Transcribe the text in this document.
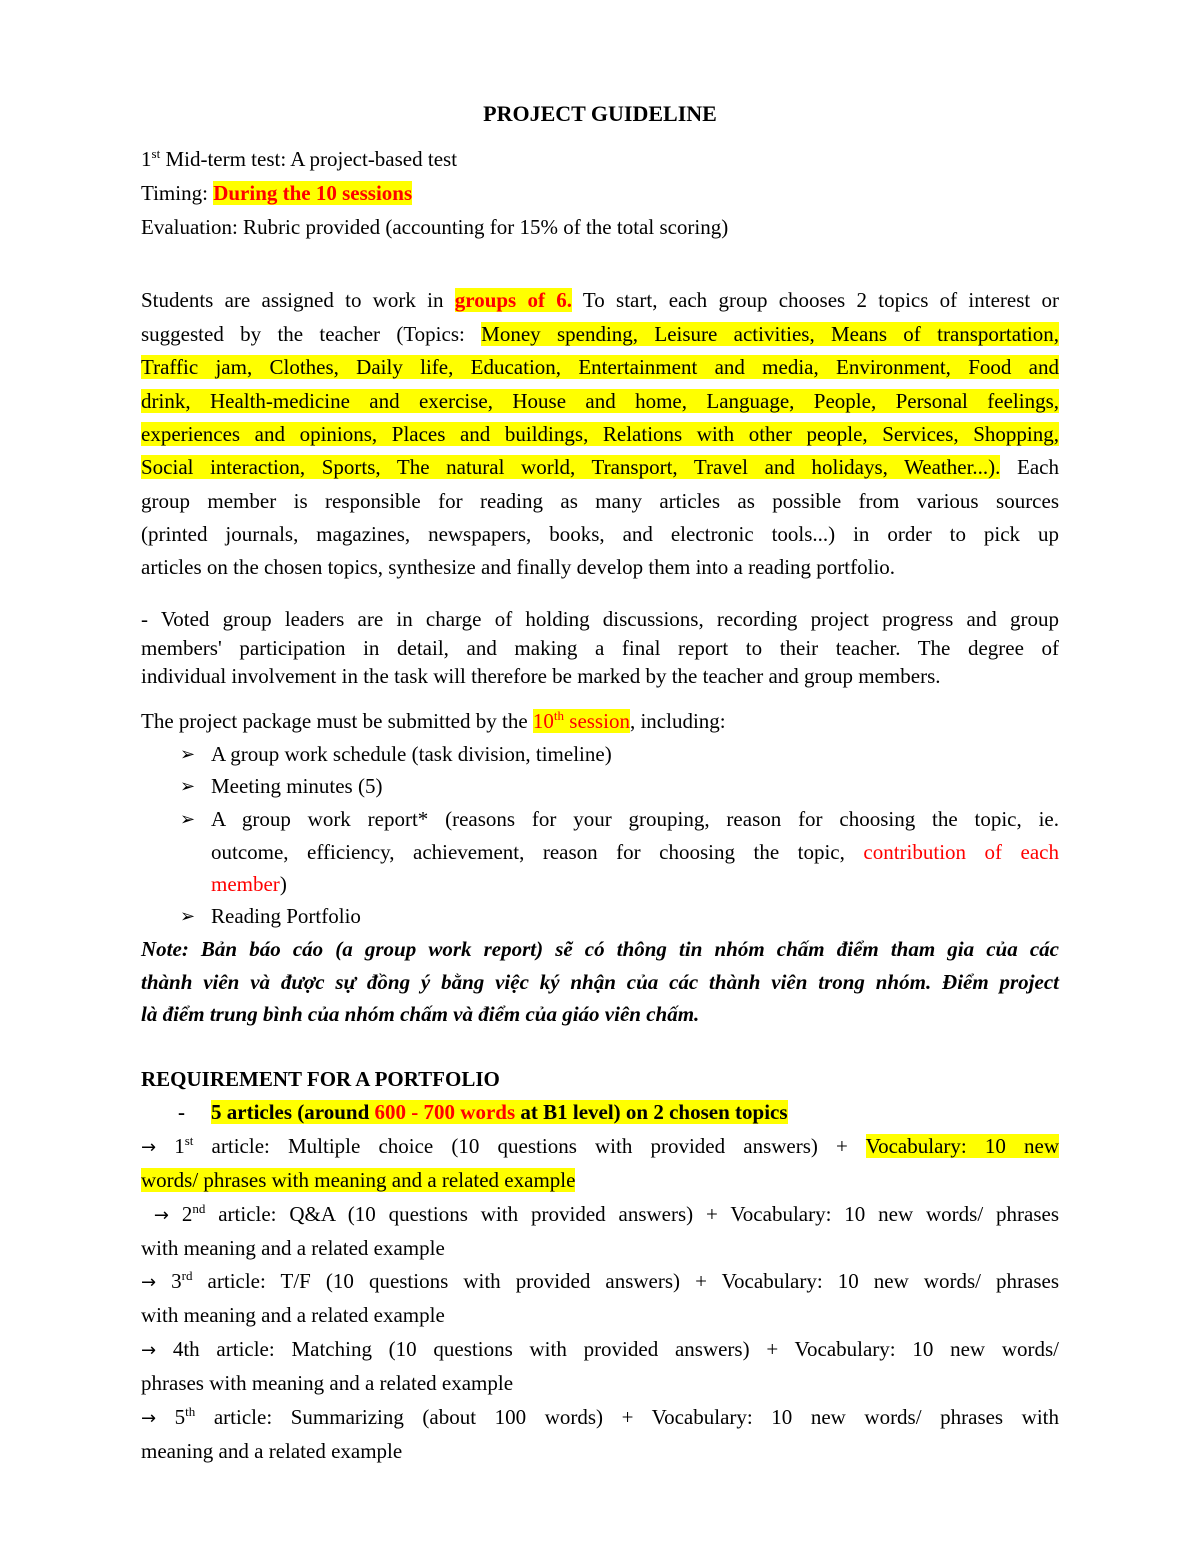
PROJECT GUIDELINE
1st Mid-term test: A project-based test
Timing: During the 10 sessions
Evaluation: Rubric provided (accounting for 15% of the total scoring)
Students are assigned to work in groups of 6. To start, each group chooses 2 topics of interest or
suggested by the teacher (Topics: Money spending, Leisure activities, Means of transportation,
Traffic jam, Clothes, Daily life, Education, Entertainment and media, Environment, Food and
drink, Health-medicine and exercise, House and home, Language, People, Personal feelings,
experiences and opinions, Places and buildings, Relations with other people, Services, Shopping,
Social interaction, Sports, The natural world, Transport, Travel and holidays, Weather...). Each
group member is responsible for reading as many articles as possible from various sources
(printed journals, magazines, newspapers, books, and electronic tools...) in order to pick up
articles on the chosen topics, synthesize and finally develop them into a reading portfolio.
- Voted group leaders are in charge of holding discussions, recording project progress and group
members' participation in detail, and making a final report to their teacher. The degree of
individual involvement in the task will therefore be marked by the teacher and group members.
The project package must be submitted by the 10th session, including:
➢ A group work schedule (task division, timeline)
➢ Meeting minutes (5)
➢ A group work report* (reasons for your grouping, reason for choosing the topic, ie.
outcome, efficiency, achievement, reason for choosing the topic, contribution of each
member)
➢ Reading Portfolio
Note: Bản báo cáo (a group work report) sẽ có thông tin nhóm chấm điểm tham gia của các
thành viên và được sự đồng ý bằng việc ký nhận của các thành viên trong nhóm. Điểm project
là điểm trung bình của nhóm chấm và điểm của giáo viên chấm.
REQUIREMENT FOR A PORTFOLIO
-	5 articles (around 600 - 700 words at B1 level) on 2 chosen topics
→ 1st article: Multiple choice (10 questions with provided answers) + Vocabulary: 10 new
words/ phrases with meaning and a related example
→ 2nd article: Q&A (10 questions with provided answers) + Vocabulary: 10 new words/ phrases
with meaning and a related example
→ 3rd article: T/F (10 questions with provided answers) + Vocabulary: 10 new words/ phrases
with meaning and a related example
→ 4th article: Matching (10 questions with provided answers) + Vocabulary: 10 new words/
phrases with meaning and a related example
→ 5th article: Summarizing (about 100 words) + Vocabulary: 10 new words/ phrases with
meaning and a related example
